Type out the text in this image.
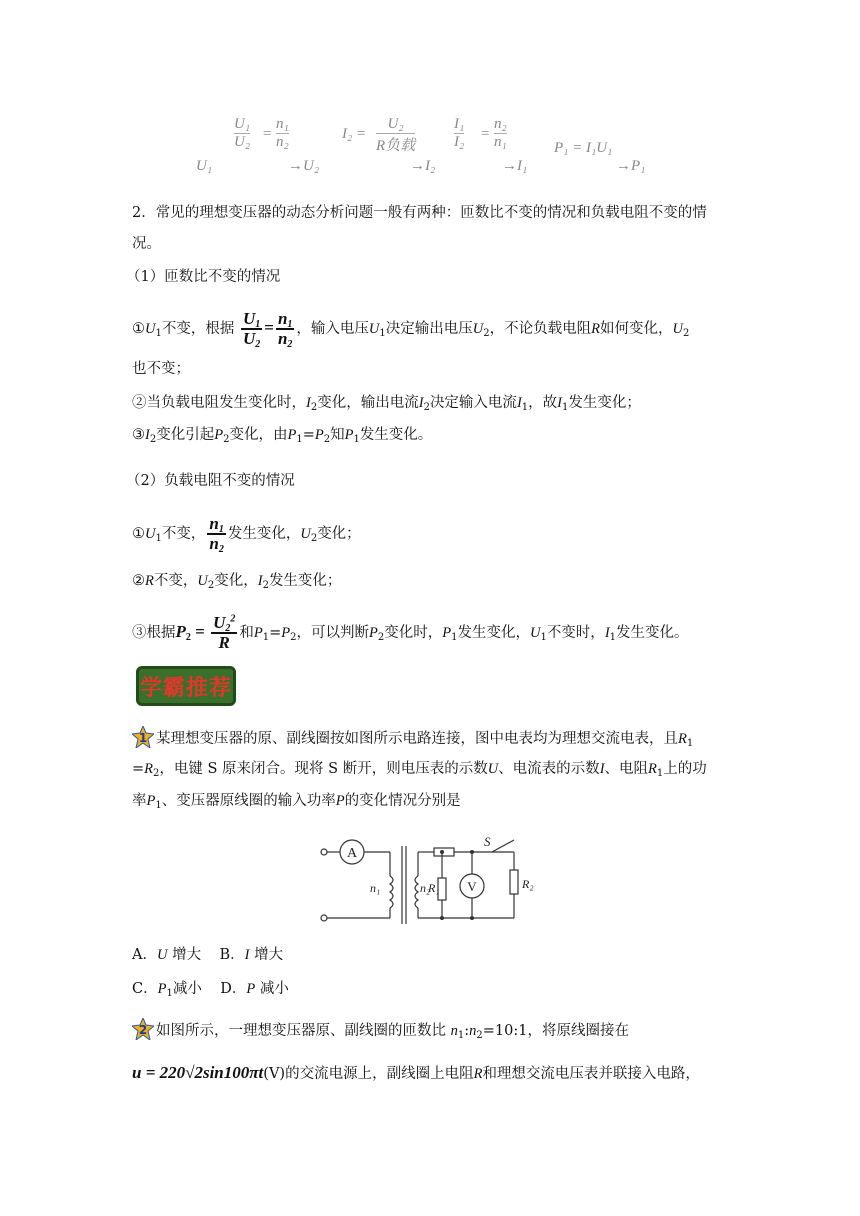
U₁
U₁
U₂ =
n₁
n₂
→U₂
I₂ =
U₂
R负载
→I₂
I₁
I₂ =
n₂
n₁
→I₁
P₁ = I₁U₁
→P₁
2．常见的理想变压器的动态分析问题一般有两种：匝数比不变的情况和负载电阻不变的情
况。
（1）匝数比不变的情况
$①U_1$不变，根据 $\frac{U_1}{U_2} = \frac{n_1}{n_2}$ ，输入电压$U_1$决定输出电压$U_2$，不论负载电阻R如何变化，$U_2$
也不变；
②当负载电阻发生变化时，$I_2$变化，输出电流$I_2$决定输入电流$I_1$，故$I_1$发生变化；
$③I_2$变化引起$P_2$变化，由$P_1=P_2$知$P_1$发生变化。
（2）负载电阻不变的情况
$①U_1$不变， $\frac{n_1}{n_2}$ 发生变化，$U_2$变化；
②R不变，$U_2$变化，$I_2$发生变化；
③根据$P_2 = \frac{U_2^2}{R}$ 和$P_1=P_2$，可以判断$P_2$变化时，$P_1$发生变化，$U_1$不变时，$I_1$发生变化。
学霸推荐
1 某理想变压器的原、副线圈按如图所示电路连接，图中电表均为理想交流电表，且$R_1$
$=R_2$，电键 S 原来闭合。现将 S 断开，则电压表的示数U、电流表的示数I、电阻$R_1$上的功
率$P_1$、变压器原线圈的输入功率P的变化情况分别是
A
V
S
n₁	n₂
R₁	R₂
A．U 增大 B．I 增大
C．$P_1$减小 D．P 减小
2 如图所示，一理想变压器原、副线圈的匝数比 $n_1:n_2=10:1$，将原线圈接在
u = 220√2sin100πt(V)的交流电源上，副线圈上电阻R和理想交流电压表并联接入电路，
